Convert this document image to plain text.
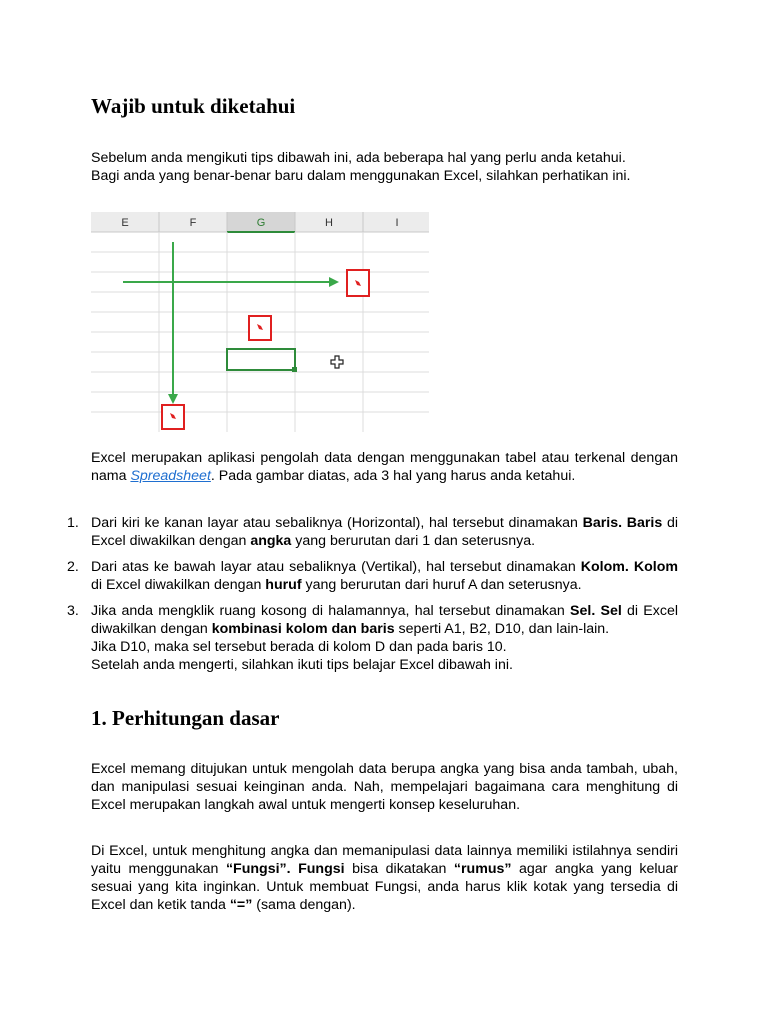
Wajib untuk diketahui

Sebelum anda mengikuti tips dibawah ini, ada beberapa hal yang perlu anda ketahui.

Bagi anda yang benar-benar baru dalam menggunakan Excel, silahkan perhatikan ini.

E	F	G	H	I

Excel merupakan aplikasi pengolah data dengan menggunakan tabel atau terkenal dengan nama Spreadsheet. Pada gambar diatas, ada 3 hal yang harus anda ketahui.

1. Dari kiri ke kanan layar atau sebaliknya (Horizontal), hal tersebut dinamakan Baris. Baris di Excel diwakilkan dengan angka yang berurutan dari 1 dan seterusnya.
2. Dari atas ke bawah layar atau sebaliknya (Vertikal), hal tersebut dinamakan Kolom. Kolom di Excel diwakilkan dengan huruf yang berurutan dari huruf A dan seterusnya.
3. Jika anda mengklik ruang kosong di halamannya, hal tersebut dinamakan Sel. Sel di Excel diwakilkan dengan kombinasi kolom dan baris seperti A1, B2, D10, dan lain-lain.
Jika D10, maka sel tersebut berada di kolom D dan pada baris 10.
Setelah anda mengerti, silahkan ikuti tips belajar Excel dibawah ini.
1. Perhitungan dasar

Excel memang ditujukan untuk mengolah data berupa angka yang bisa anda tambah, ubah, dan manipulasi sesuai keinginan anda. Nah, mempelajari bagaimana cara menghitung di Excel merupakan langkah awal untuk mengerti konsep keseluruhan.

Di Excel, untuk menghitung angka dan memanipulasi data lainnya memiliki istilahnya sendiri yaitu menggunakan “Fungsi”. Fungsi bisa dikatakan “rumus” agar angka yang keluar sesuai yang kita inginkan. Untuk membuat Fungsi, anda harus klik kotak yang tersedia di Excel dan ketik tanda “=” (sama dengan).
